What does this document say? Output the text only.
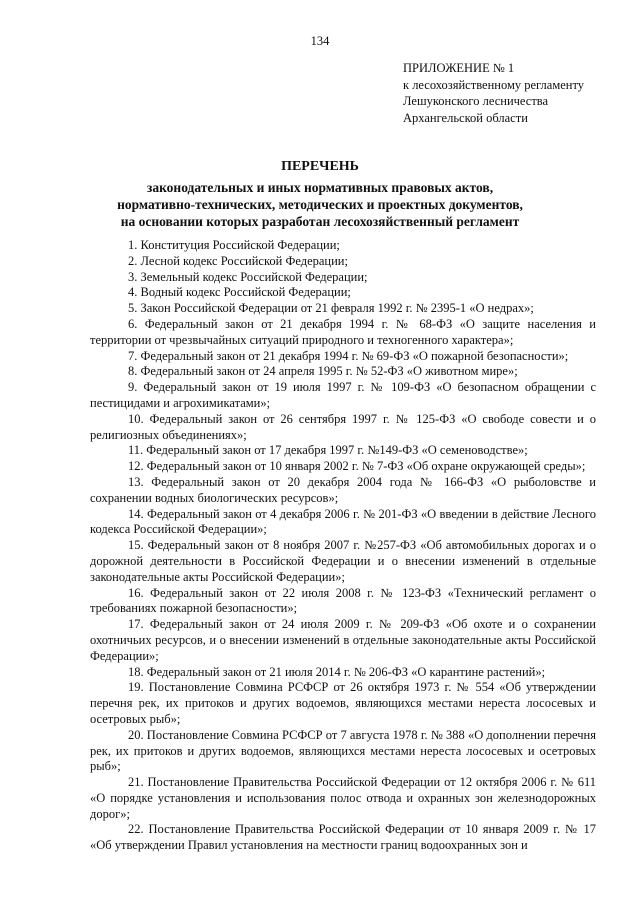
134
ПРИЛОЖЕНИЕ № 1
к лесохозяйственному регламенту
Лешуконского лесничества
Архангельской области
ПЕРЕЧЕНЬ
законодательных и иных нормативных правовых актов,
нормативно-технических, методических и проектных документов,
на основании которых разработан лесохозяйственный регламент

1. Конституция Российской Федерации;

2. Лесной кодекс Российской Федерации;

3. Земельный кодекс Российской Федерации;

4. Водный кодекс Российской Федерации;

5. Закон Российской Федерации от 21 февраля 1992 г. № 2395-1 «О недрах»;

6. Федеральный закон от 21 декабря 1994 г. № 68-ФЗ «О защите населения и территории от чрезвычайных ситуаций природного и техногенного характера»;

7. Федеральный закон от 21 декабря 1994 г. № 69-ФЗ «О пожарной безопасности»;

8. Федеральный закон от 24 апреля 1995 г. № 52-ФЗ «О животном мире»;

9. Федеральный закон от 19 июля 1997 г. № 109-ФЗ «О безопасном обращении с пестицидами и агрохимикатами»;

10. Федеральный закон от 26 сентября 1997 г. № 125-ФЗ «О свободе совести и о религиозных объединениях»;

11. Федеральный закон от 17 декабря 1997 г. №149-ФЗ «О семеноводстве»;

12. Федеральный закон от 10 января 2002 г. № 7-ФЗ «Об охране окружающей среды»;

13. Федеральный закон от 20 декабря 2004 года № 166-ФЗ «О рыболовстве и сохранении водных биологических ресурсов»;

14. Федеральный закон от 4 декабря 2006 г. № 201-ФЗ «О введении в действие Лесного кодекса Российской Федерации»;

15. Федеральный закон от 8 ноября 2007 г. №257-ФЗ «Об автомобильных дорогах и о дорожной деятельности в Российской Федерации и о внесении изменений в отдельные законодательные акты Российской Федерации»;

16. Федеральный закон от 22 июля 2008 г. № 123-ФЗ «Технический регламент о требованиях пожарной безопасности»;

17. Федеральный закон от 24 июля 2009 г. № 209-ФЗ «Об охоте и о сохранении охотничьих ресурсов, и о внесении изменений в отдельные законодательные акты Российской Федерации»;

18. Федеральный закон от 21 июля 2014 г. № 206-ФЗ «О карантине растений»;

19. Постановление Совмина РСФСР от 26 октября 1973 г. № 554 «Об утверждении перечня рек, их притоков и других водоемов, являющихся местами нереста лососевых и осетровых рыб»;

20. Постановление Совмина РСФСР от 7 августа 1978 г. № 388 «О дополнении перечня рек, их притоков и других водоемов, являющихся местами нереста лососевых и осетровых рыб»;

21. Постановление Правительства Российской Федерации от 12 октября 2006 г. № 611 «О порядке установления и использования полос отвода и охранных зон железнодорожных дорог»;

22. Постановление Правительства Российской Федерации от 10 января 2009 г. № 17 «Об утверждении Правил установления на местности границ водоохранных зон и
